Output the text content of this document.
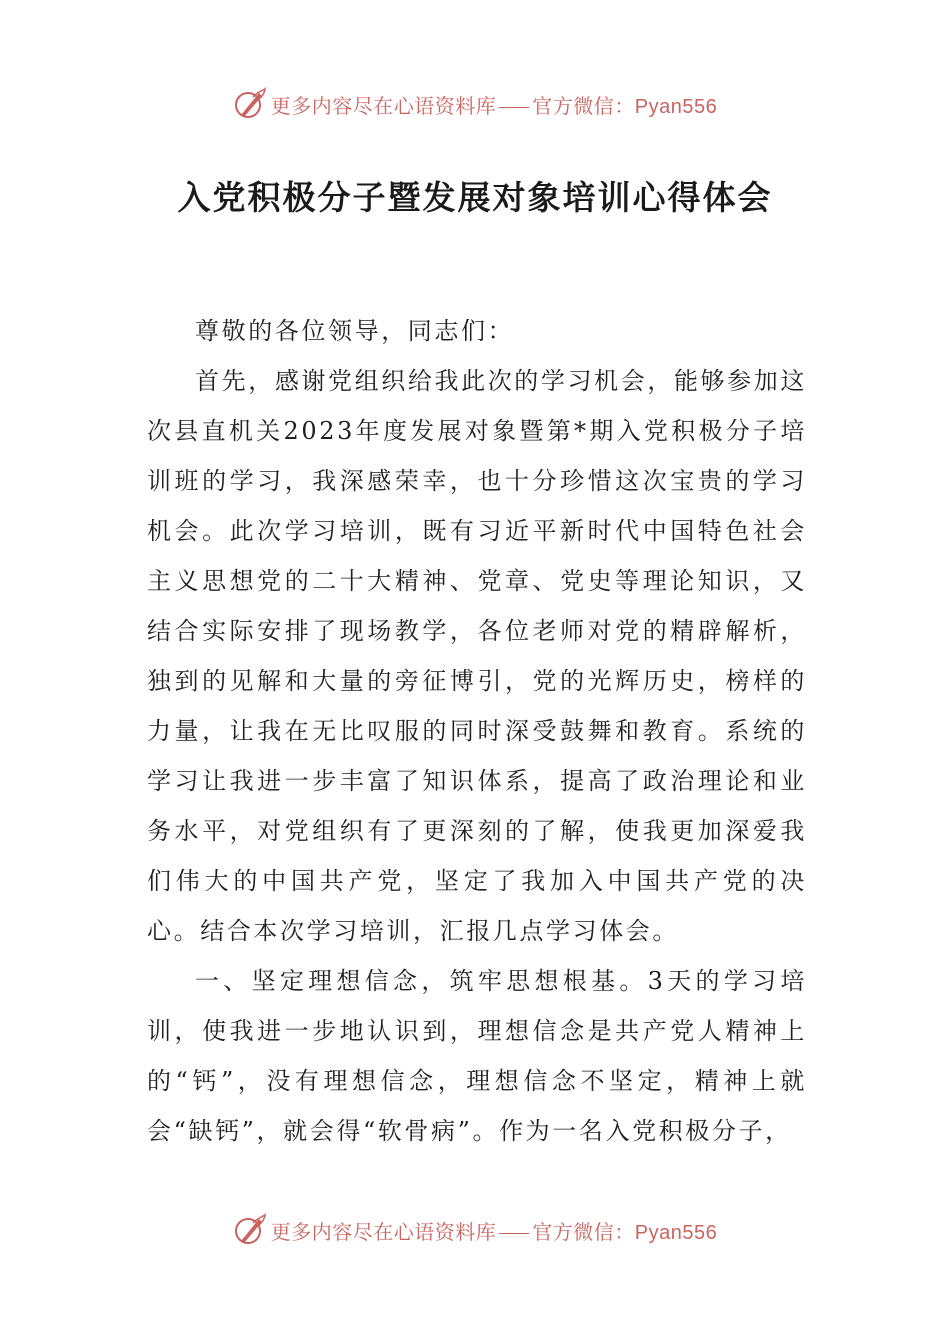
更多内容尽在心语资料库 官方微信：Pyan556
入党积极分子暨发展对象培训心得体会

尊敬的各位领导，同志们：

首先，感谢党组织给我此次的学习机会，能够参加这次县直机关2023年度发展对象暨第*期入党积极分子培训班的学习，我深感荣幸，也十分珍惜这次宝贵的学习机会。此次学习培训，既有习近平新时代中国特色社会主义思想党的二十大精神、党章、党史等理论知识，又结合实际安排了现场教学，各位老师对党的精辟解析，独到的见解和大量的旁征博引，党的光辉历史，榜样的力量，让我在无比叹服的同时深受鼓舞和教育。系统的学习让我进一步丰富了知识体系，提高了政治理论和业务水平，对党组织有了更深刻的了解，使我更加深爱我们伟大的中国共产党，坚定了我加入中国共产党的决心。结合本次学习培训，汇报几点学习体会。

一、坚定理想信念，筑牢思想根基。3天的学习培训，使我进一步地认识到，理想信念是共产党人精神上的“钙”，没有理想信念，理想信念不坚定，精神上就会“缺钙”，就会得“软骨病”。作为一名入党积极分子，

更多内容尽在心语资料库 官方微信：Pyan556
